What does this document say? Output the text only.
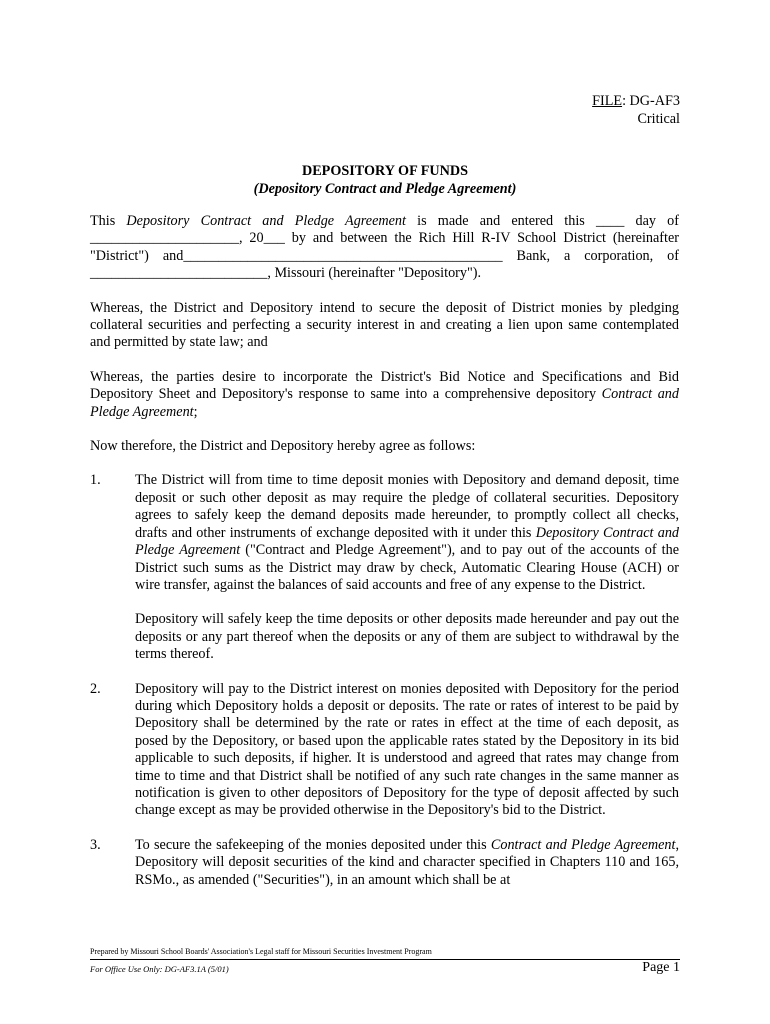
FILE: DG-AF3
Critical
DEPOSITORY OF FUNDS
(Depository Contract and Pledge Agreement)

This Depository Contract and Pledge Agreement is made and entered this ____ day of _____________________, 20___ by and between the Rich Hill R-IV School District (hereinafter "District") and_____________________________________________ Bank, a corporation, of _________________________, Missouri (hereinafter "Depository").

Whereas, the District and Depository intend to secure the deposit of District monies by pledging collateral securities and perfecting a security interest in and creating a lien upon same contemplated and permitted by state law; and

Whereas, the parties desire to incorporate the District's Bid Notice and Specifications and Bid Depository Sheet and Depository's response to same into a comprehensive depository Contract and Pledge Agreement;

Now therefore, the District and Depository hereby agree as follows:

1.	The District will from time to time deposit monies with Depository and demand deposit, time deposit or such other deposit as may require the pledge of collateral securities. Depository agrees to safely keep the demand deposits made hereunder, to promptly collect all checks, drafts and other instruments of exchange deposited with it under this Depository Contract and Pledge Agreement ("Contract and Pledge Agreement"), and to pay out of the accounts of the District such sums as the District may draw by check, Automatic Clearing House (ACH) or wire transfer, against the balances of said accounts and free of any expense to the District.

Depository will safely keep the time deposits or other deposits made hereunder and pay out the deposits or any part thereof when the deposits or any of them are subject to withdrawal by the terms thereof.

2.	Depository will pay to the District interest on monies deposited with Depository for the period during which Depository holds a deposit or deposits. The rate or rates of interest to be paid by Depository shall be determined by the rate or rates in effect at the time of each deposit, as posed by the Depository, or based upon the applicable rates stated by the Depository in its bid applicable to such deposits, if higher. It is understood and agreed that rates may change from time to time and that District shall be notified of any such rate changes in the same manner as notification is given to other depositors of Depository for the type of deposit affected by such change except as may be provided otherwise in the Depository's bid to the District.

3.	To secure the safekeeping of the monies deposited under this Contract and Pledge Agreement, Depository will deposit securities of the kind and character specified in Chapters 110 and 165, RSMo., as amended ("Securities"), in an amount which shall be at

Prepared by Missouri School Boards' Association's Legal staff for Missouri Securities Investment Program
For Office Use Only: DG-AF3.1A (5/01)	Page 1
